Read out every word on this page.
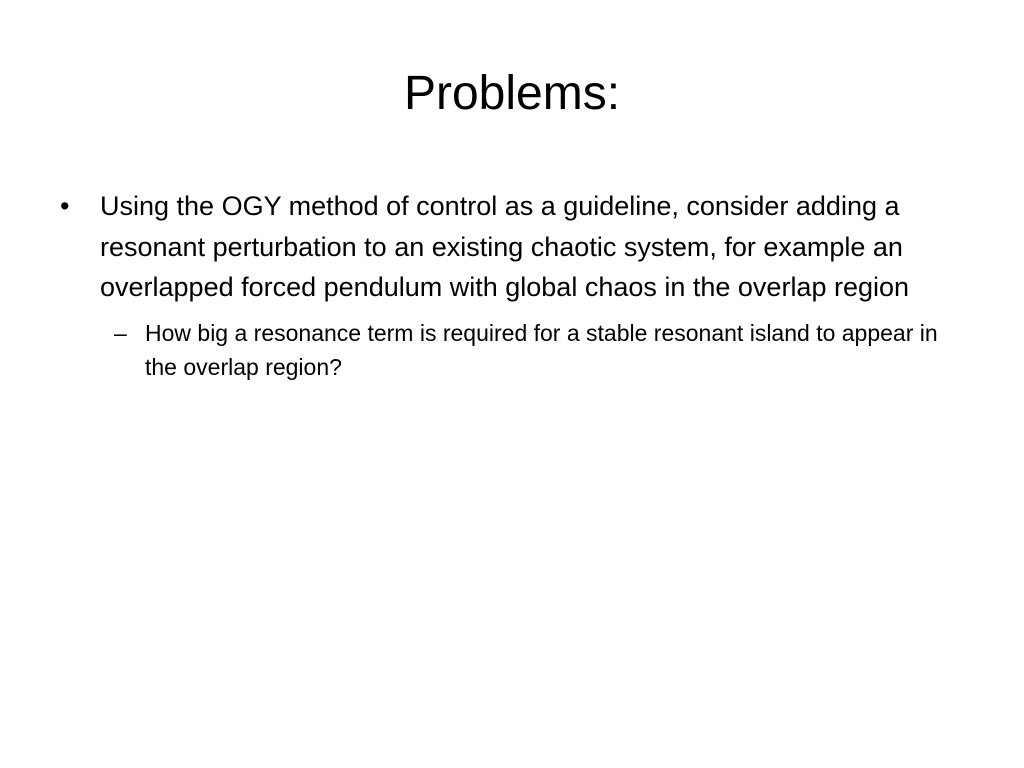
Problems:
•	Using the OGY method of control as a guideline, consider adding a resonant perturbation to an existing chaotic system, for example an overlapped forced pendulum with global chaos in the overlap region
– How big a resonance term is required for a stable resonant island to appear in the overlap region?
